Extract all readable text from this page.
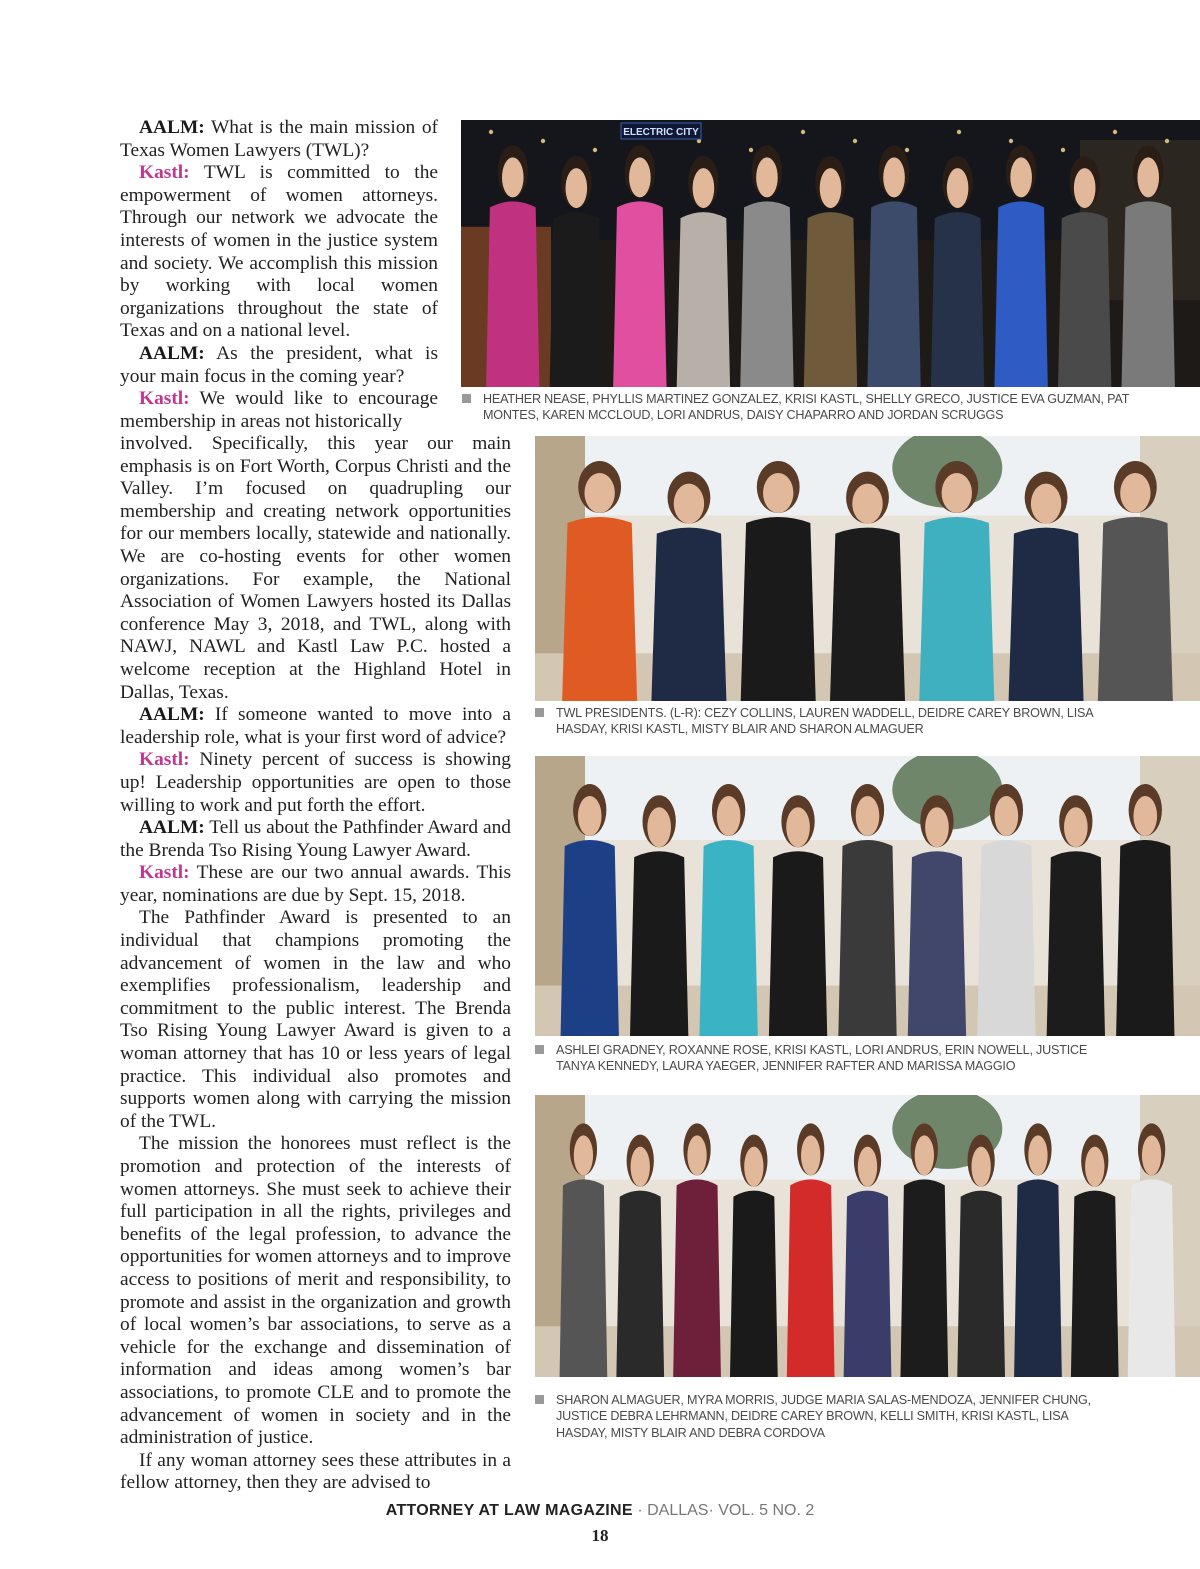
AALM: What is the main mission of Texas Women Lawyers (TWL)?

Kastl: TWL is committed to the empowerment of women attorneys. Through our network we advocate the interests of women in the justice system and society. We accomplish this mission by working with local women organizations throughout the state of Texas and on a national level.

AALM: As the president, what is your main focus in the coming year?

Kastl: We would like to encourage membership in areas not historically

involved. Specifically, this year our main emphasis is on Fort Worth, Corpus Christi and the Valley. I’m focused on quadrupling our membership and creating network opportunities for our members locally, statewide and nationally. We are co-hosting events for other women organizations. For example, the National Association of Women Lawyers hosted its Dallas conference May 3, 2018, and TWL, along with NAWJ, NAWL and Kastl Law P.C. hosted a welcome reception at the Highland Hotel in Dallas, Texas.

AALM: If someone wanted to move into a leadership role, what is your first word of advice?

Kastl: Ninety percent of success is showing up! Leadership opportunities are open to those willing to work and put forth the effort.

AALM: Tell us about the Pathfinder Award and the Brenda Tso Rising Young Lawyer Award.

Kastl: These are our two annual awards. This year, nominations are due by Sept. 15, 2018.

The Pathfinder Award is presented to an individual that champions promoting the advancement of women in the law and who exemplifies professionalism, leadership and commitment to the public interest. The Brenda Tso Rising Young Lawyer Award is given to a woman attorney that has 10 or less years of legal practice. This individual also promotes and supports women along with carrying the mission of the TWL.

The mission the honorees must reflect is the promotion and protection of the interests of women attorneys. She must seek to achieve their full participation in all the rights, privileges and benefits of the legal profession, to advance the opportunities for women attorneys and to improve access to positions of merit and responsibility, to promote and assist in the organization and growth of local women’s bar associations, to serve as a vehicle for the exchange and dissemination of information and ideas among women’s bar associations, to promote CLE and to promote the advancement of women in society and in the administration of justice.

If any woman attorney sees these attributes in a fellow attorney, then they are advised to

ELECTRIC CITY
HEATHER NEASE, PHYLLIS MARTINEZ GONZALEZ, KRISI KASTL, SHELLY GRECO, JUSTICE EVA GUZMAN, PAT MONTES, KAREN MCCLOUD, LORI ANDRUS, DAISY CHAPARRO AND JORDAN SCRUGGS
TWL PRESIDENTS. (L-R): CEZY COLLINS, LAUREN WADDELL, DEIDRE CAREY BROWN, LISA HASDAY, KRISI KASTL, MISTY BLAIR AND SHARON ALMAGUER
ASHLEI GRADNEY, ROXANNE ROSE, KRISI KASTL, LORI ANDRUS, ERIN NOWELL, JUSTICE TANYA KENNEDY, LAURA YAEGER, JENNIFER RAFTER AND MARISSA MAGGIO
SHARON ALMAGUER, MYRA MORRIS, JUDGE MARIA SALAS-MENDOZA, JENNIFER CHUNG, JUSTICE DEBRA LEHRMANN, DEIDRE CAREY BROWN, KELLI SMITH, KRISI KASTL, LISA HASDAY, MISTY BLAIR AND DEBRA CORDOVA
ATTORNEY AT LAW MAGAZINE · DALLAS· VOL. 5 NO. 2
18
